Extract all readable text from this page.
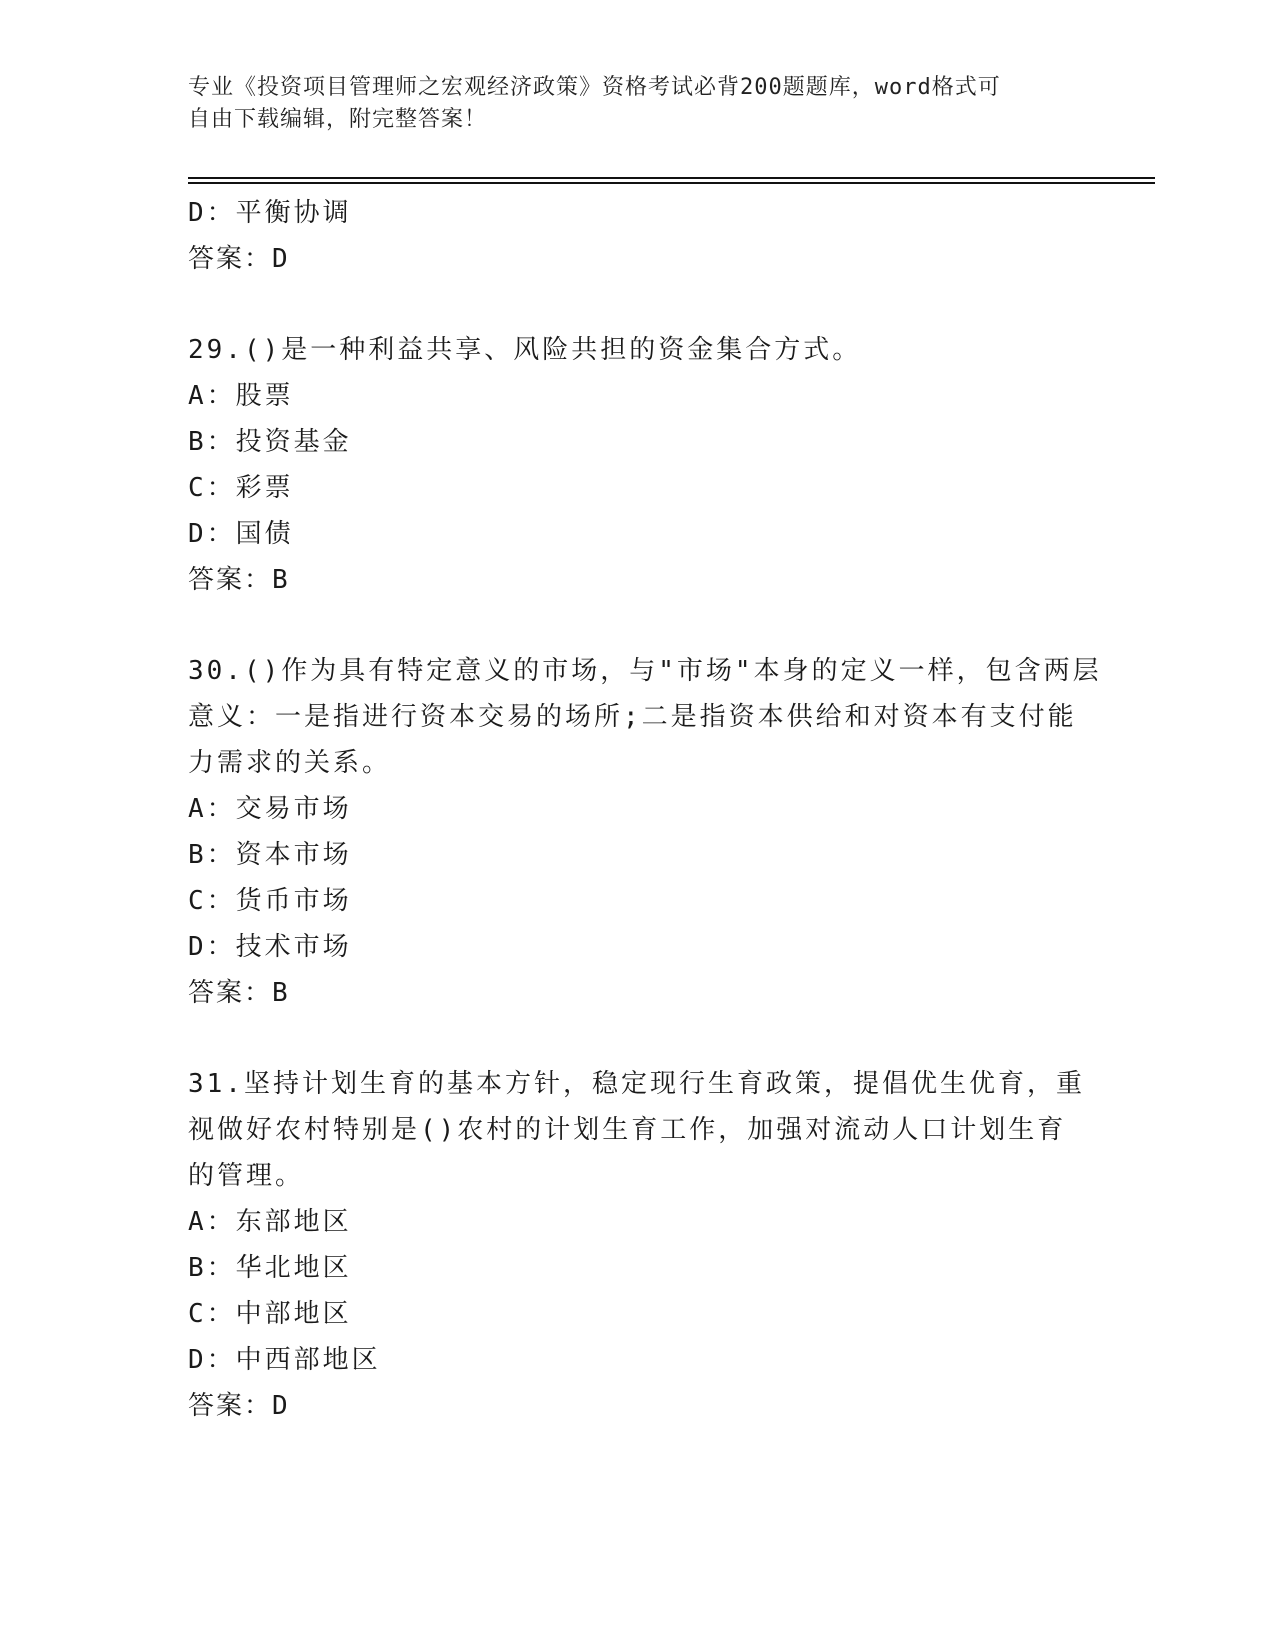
专业《投资项目管理师之宏观经济政策》资格考试必背200题题库，word格式可
自由下载编辑，附完整答案！
D：平衡协调
答案：D
29.()是一种利益共享、风险共担的资金集合方式。
A：股票
B：投资基金
C：彩票
D：国债
答案：B
30.()作为具有特定意义的市场，与"市场"本身的定义一样，包含两层
意义：一是指进行资本交易的场所;二是指资本供给和对资本有支付能
力需求的关系。
A：交易市场
B：资本市场
C：货币市场
D：技术市场
答案：B
31.坚持计划生育的基本方针，稳定现行生育政策，提倡优生优育，重
视做好农村特别是()农村的计划生育工作，加强对流动人口计划生育
的管理。
A：东部地区
B：华北地区
C：中部地区
D：中西部地区
答案：D
